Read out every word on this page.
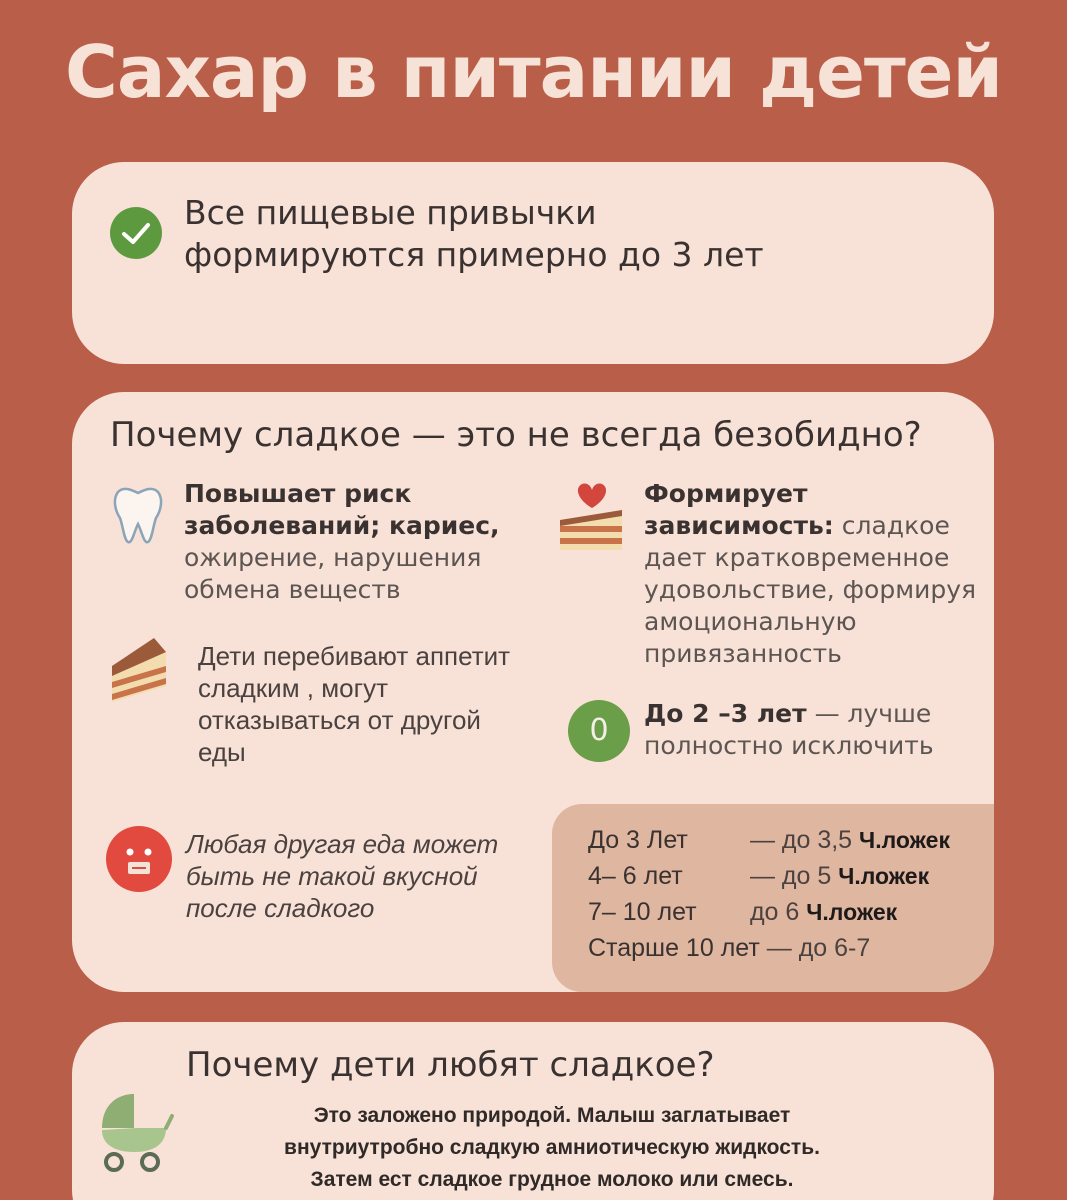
Сахар в питании детей
Все пищевые привычки
формируются примерно до 3 лет
Почему сладкое — это не всегда безобидно?
Повышает риск заболеваний; кариес, ожирение, нарушения обмена веществ
Формирует зависимость: сладкое дает кратковременное удовольствие, формируя амоциональную привязанность
Дети перебивают аппетит сладким , могут отказываться от другой еды
0	До 2 –3 лет — лучше полностно исключить
Любая другая еда может быть не такой вкусной после сладкого
До 3 Лет — до 3,5 Ч.ложек
4– 6 лет	— до 5 Ч.ложек
7– 10 лет до 6 Ч.ложек
Старше 10 лет — до 6-7
Почему дети любят сладкое?
Это заложено природой. Малыш заглатывает
внутриутробно сладкую амниотическую жидкость.
Затем ест сладкое грудное молоко или смесь.
